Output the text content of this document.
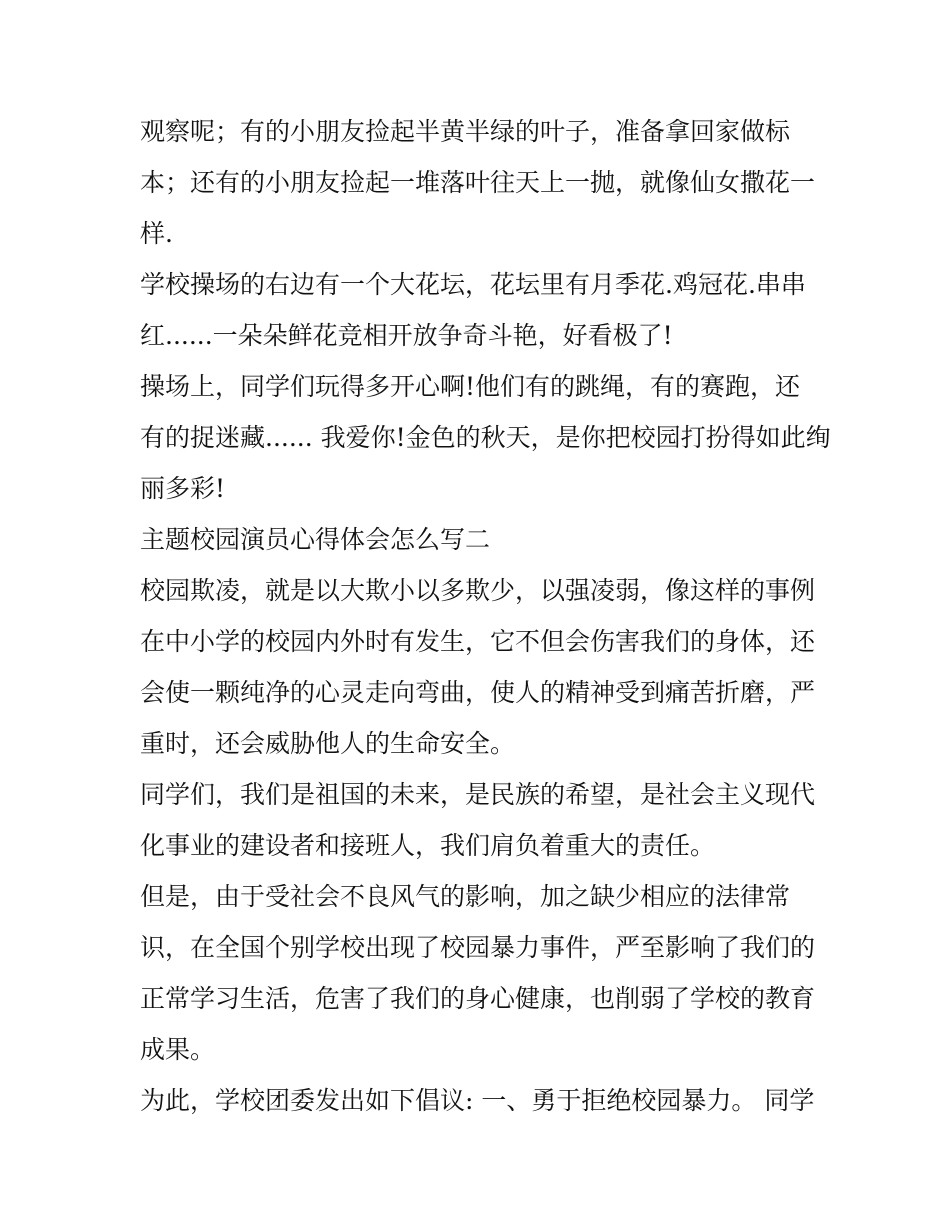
观察呢；有的小朋友捡起半黄半绿的叶子，准备拿回家做标
本；还有的小朋友捡起一堆落叶往天上一抛，就像仙女撒花一
样.
学校操场的右边有一个大花坛，花坛里有月季花.鸡冠花.串串
红......一朵朵鲜花竞相开放争奇斗艳，好看极了!
操场上，同学们玩得多开心啊!他们有的跳绳，有的赛跑，还
有的捉迷藏...... 我爱你!金色的秋天，是你把校园打扮得如此绚
丽多彩!
主题校园演员心得体会怎么写二
校园欺凌，就是以大欺小以多欺少，以强凌弱，像这样的事例
在中小学的校园内外时有发生，它不但会伤害我们的身体，还
会使一颗纯净的心灵走向弯曲，使人的精神受到痛苦折磨，严
重时，还会威胁他人的生命安全。
同学们，我们是祖国的未来，是民族的希望，是社会主义现代
化事业的建设者和接班人，我们肩负着重大的责任。
但是，由于受社会不良风气的影响，加之缺少相应的法律常
识，在全国个别学校出现了校园暴力事件，严至影响了我们的
正常学习生活，危害了我们的身心健康，也削弱了学校的教育
成果。
为此，学校团委发出如下倡议: 一、勇于拒绝校园暴力。 同学
